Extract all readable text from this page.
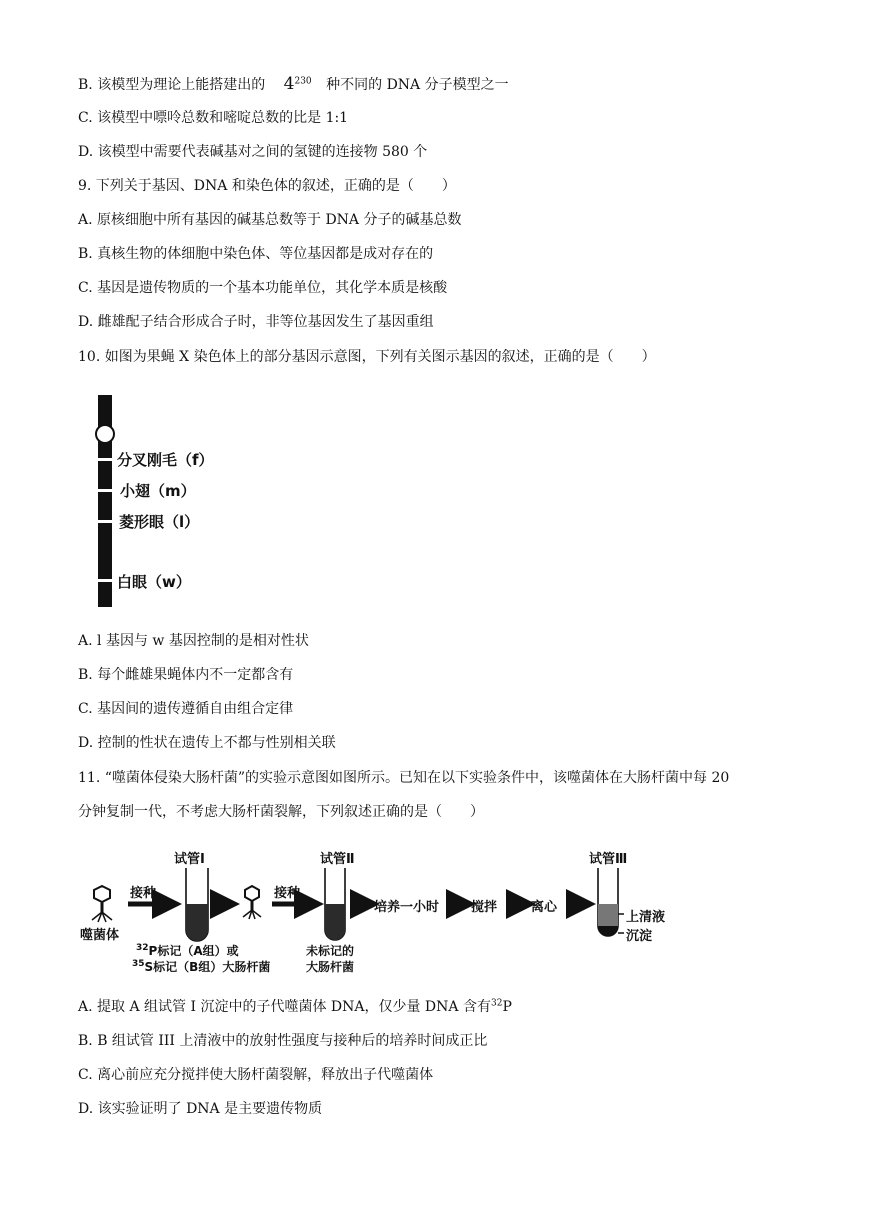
B. 该模型为理论上能搭建出的 $4^{230}$ 种不同的 DNA 分子模型之一
C. 该模型中嘌呤总数和嘧啶总数的比是 1:1
D. 该模型中需要代表碱基对之间的氢键的连接物 580 个
9. 下列关于基因、DNA 和染色体的叙述，正确的是（　　）
A. 原核细胞中所有基因的碱基总数等于 DNA 分子的碱基总数
B. 真核生物的体细胞中染色体、等位基因都是成对存在的
C. 基因是遗传物质的一个基本功能单位，其化学本质是核酸
D. 雌雄配子结合形成合子时，非等位基因发生了基因重组
10. 如图为果蝇 X 染色体上的部分基因示意图，下列有关图示基因的叙述，正确的是（　　）
分叉刚毛（f）
小翅（m）
菱形眼（l）
白眼（w）
A. l 基因与 w 基因控制的是相对性状
B. 每个雌雄果蝇体内不一定都含有
C. 基因间的遗传遵循自由组合定律
D. 控制的性状在遗传上不都与性别相关联
11. “噬菌体侵染大肠杆菌”的实验示意图如图所示。已知在以下实验条件中，该噬菌体在大肠杆菌中每 20
分钟复制一代，不考虑大肠杆菌裂解，下列叙述正确的是（　　）
试管Ⅰ	试管Ⅱ	试管Ⅲ
接种	接种
培养一小时 搅拌	离心
上清液
沉淀
噬菌体
$^{32}$P标记（A组）或
$^{35}$S标记（B组）大肠杆菌
未标记的
大肠杆菌
A. 提取 A 组试管 I 沉淀中的子代噬菌体 DNA，仅少量 DNA 含有$^{32}$P
B. B 组试管 III 上清液中的放射性强度与接种后的培养时间成正比
C. 离心前应充分搅拌使大肠杆菌裂解，释放出子代噬菌体
D. 该实验证明了 DNA 是主要遗传物质
